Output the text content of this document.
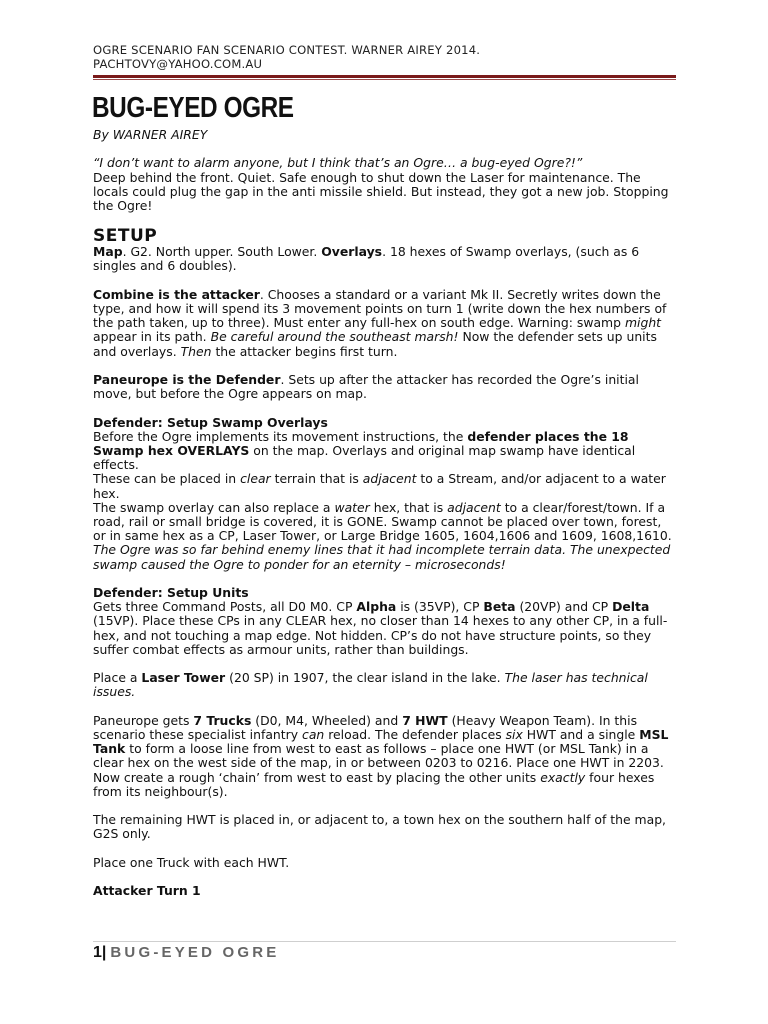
OGRE SCENARIO FAN SCENARIO CONTEST. WARNER AIREY 2014.
PACHTOVY@YAHOO.COM.AU
BUG-EYED OGRE

By WARNER AIREY

“I don’t want to alarm anyone, but I think that’s an Ogre… a bug-eyed Ogre?!”

Deep behind the front. Quiet. Safe enough to shut down the Laser for maintenance. The locals could plug the gap in the anti missile shield. But instead, they got a new job. Stopping the Ogre!

SETUP

Map. G2. North upper. South Lower. Overlays. 18 hexes of Swamp overlays, (such as 6 singles and 6 doubles).

Combine is the attacker. Chooses a standard or a variant Mk II. Secretly writes down the type, and how it will spend its 3 movement points on turn 1 (write down the hex numbers of the path taken, up to three). Must enter any full-hex on south edge. Warning: swamp might appear in its path. Be careful around the southeast marsh! Now the defender sets up units and overlays. Then the attacker begins first turn.

Paneurope is the Defender. Sets up after the attacker has recorded the Ogre’s initial move, but before the Ogre appears on map.

Defender: Setup Swamp Overlays

Before the Ogre implements its movement instructions, the defender places the 18 Swamp hex OVERLAYS on the map. Overlays and original map swamp have identical effects.

These can be placed in clear terrain that is adjacent to a Stream, and/or adjacent to a water hex.

The swamp overlay can also replace a water hex, that is adjacent to a clear/forest/town. If a road, rail or small bridge is covered, it is GONE. Swamp cannot be placed over town, forest, or in same hex as a CP, Laser Tower, or Large Bridge 1605, 1604,1606 and 1609, 1608,1610.

The Ogre was so far behind enemy lines that it had incomplete terrain data. The unexpected swamp caused the Ogre to ponder for an eternity – microseconds!

Defender: Setup Units

Gets three Command Posts, all D0 M0. CP Alpha is (35VP), CP Beta (20VP) and CP Delta (15VP). Place these CPs in any CLEAR hex, no closer than 14 hexes to any other CP, in a full-hex, and not touching a map edge. Not hidden. CP’s do not have structure points, so they suffer combat effects as armour units, rather than buildings.

Place a Laser Tower (20 SP) in 1907, the clear island in the lake. The laser has technical issues.

Paneurope gets 7 Trucks (D0, M4, Wheeled) and 7 HWT (Heavy Weapon Team). In this scenario these specialist infantry can reload. The defender places six HWT and a single MSL Tank to form a loose line from west to east as follows – place one HWT (or MSL Tank) in a clear hex on the west side of the map, in or between 0203 to 0216. Place one HWT in 2203. Now create a rough ‘chain’ from west to east by placing the other units exactly four hexes from its neighbour(s).

The remaining HWT is placed in, or adjacent to, a town hex on the southern half of the map, G2S only.

Place one Truck with each HWT.

Attacker Turn 1

1| BUG-EYED OGRE
